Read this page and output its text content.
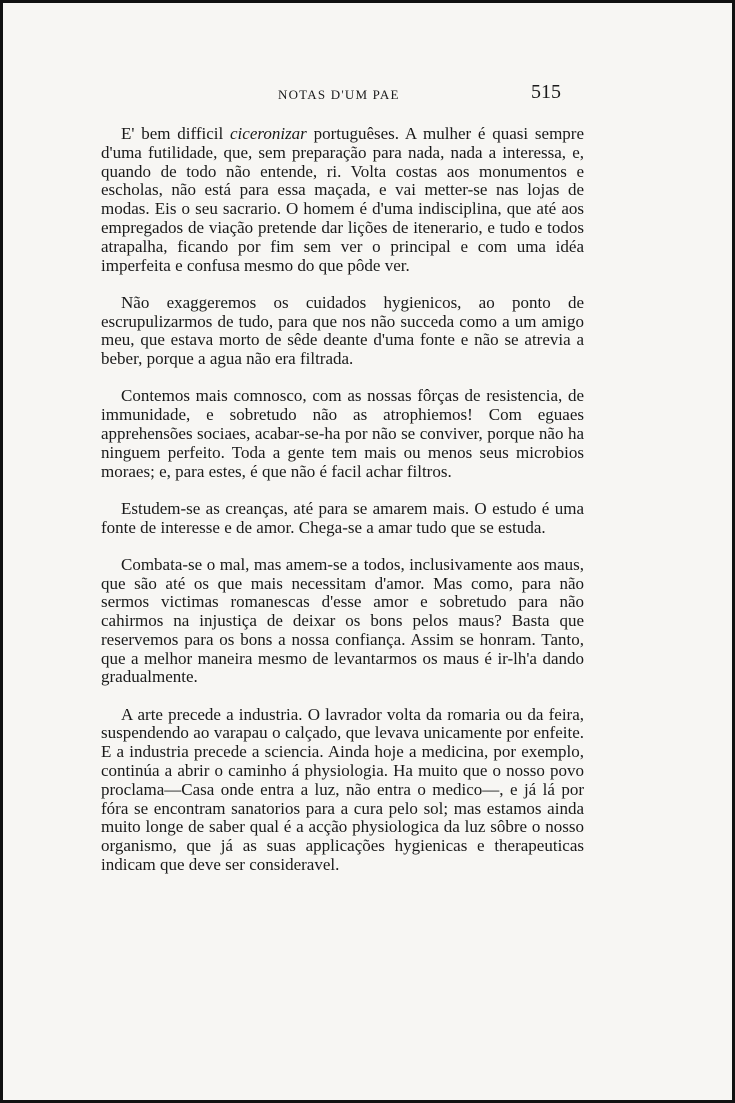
NOTAS D'UM PAE	515

E' bem difficil ciceronizar portuguêses. A mulher é quasi sempre d'uma futilidade, que, sem preparação para nada, nada a interessa, e, quando de todo não entende, ri. Volta costas aos monumentos e escholas, não está para essa maçada, e vai metter-se nas lojas de modas. Eis o seu sacrario. O homem é d'uma indisciplina, que até aos empregados de viação pretende dar lições de itenerario, e tudo e todos atrapalha, ficando por fim sem ver o principal e com uma idéa imperfeita e confusa mesmo do que pôde ver.

Não exaggeremos os cuidados hygienicos, ao ponto de escrupulizarmos de tudo, para que nos não succeda como a um amigo meu, que estava morto de sêde deante d'uma fonte e não se atrevia a beber, porque a agua não era filtrada.

Contemos mais comnosco, com as nossas fôrças de resistencia, de immunidade, e sobretudo não as atrophiemos! Com eguaes apprehensões sociaes, acabar-se-ha por não se conviver, porque não ha ninguem perfeito. Toda a gente tem mais ou menos seus microbios moraes; e, para estes, é que não é facil achar filtros.

Estudem-se as creanças, até para se amarem mais. O estudo é uma fonte de interesse e de amor. Chega-se a amar tudo que se estuda.

Combata-se o mal, mas amem-se a todos, inclusivamente aos maus, que são até os que mais necessitam d'amor. Mas como, para não sermos victimas romanescas d'esse amor e sobretudo para não cahirmos na injustiça de deixar os bons pelos maus? Basta que reservemos para os bons a nossa confiança. Assim se honram. Tanto, que a melhor maneira mesmo de levantarmos os maus é ir-lh'a dando gradualmente.

A arte precede a industria. O lavrador volta da romaria ou da feira, suspendendo ao varapau o calçado, que levava unicamente por enfeite. E a industria precede a sciencia. Ainda hoje a medicina, por exemplo, continúa a abrir o caminho á physiologia. Ha muito que o nosso povo proclama—Casa onde entra a luz, não entra o medico—, e já lá por fóra se encontram sanatorios para a cura pelo sol; mas estamos ainda muito longe de saber qual é a acção physiologica da luz sôbre o nosso organismo, que já as suas applicações hygienicas e therapeuticas indicam que deve ser consideravel.
